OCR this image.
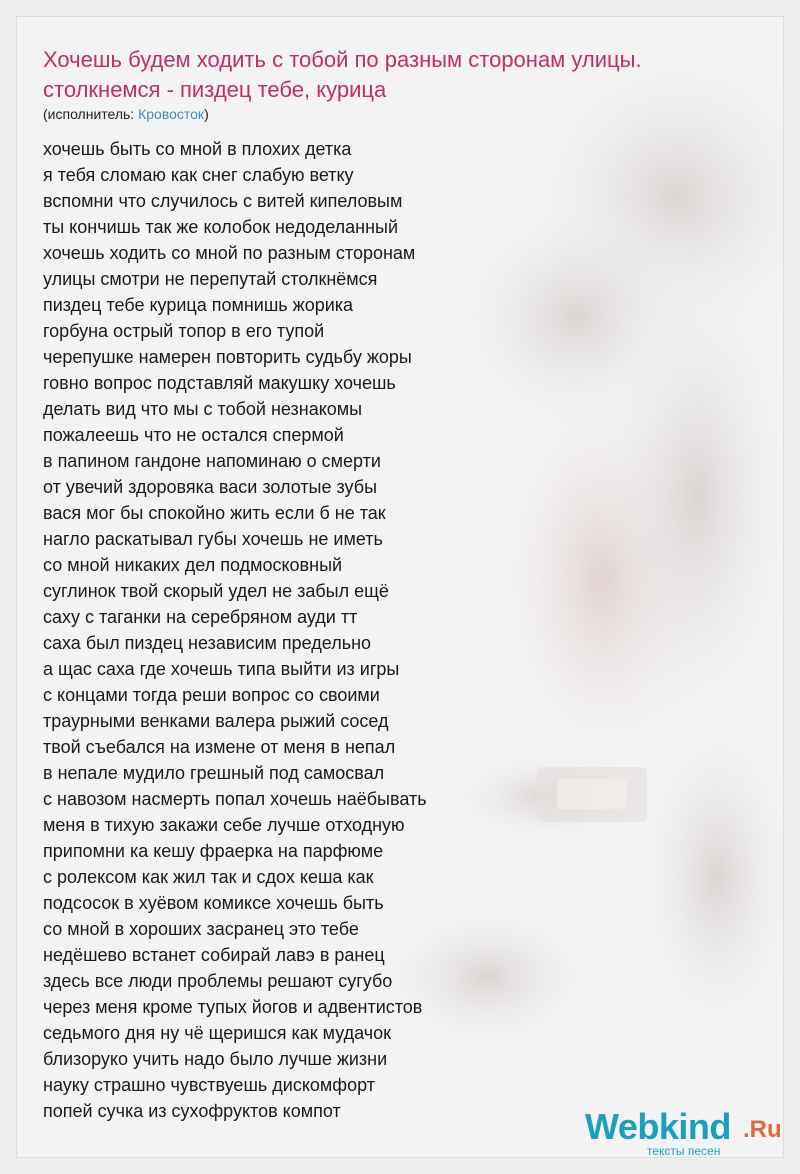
Хочешь будем ходить с тобой по разным сторонам улицы.
столкнемся - пиздец тебе, курица
(исполнитель: Кровосток)
хочешь быть со мной в плохих детка
я тебя сломаю как снег слабую ветку
вспомни что случилось с витей кипеловым
ты кончишь так же колобок недоделанный
хочешь ходить со мной по разным сторонам
улицы смотри не перепутай столкнёмся
пиздец тебе курица помнишь жорика
горбуна острый топор в его тупой
черепушке намерен повторить судьбу жоры
говно вопрос подставляй макушку хочешь
делать вид что мы с тобой незнакомы
пожалеешь что не остался спермой
в папином гандоне напоминаю о смерти
от увечий здоровяка васи золотые зубы
вася мог бы спокойно жить если б не так
нагло раскатывал губы хочешь не иметь
со мной никаких дел подмосковный
суглинок твой скорый удел не забыл ещё
саху с таганки на серебряном ауди тт
саха был пиздец независим предельно
а щас саха где хочешь типа выйти из игры
с концами тогда реши вопрос со своими
траурными венками валера рыжий сосед
твой съебался на измене от меня в непал
в непале мудило грешный под самосвал
с навозом насмерть попал хочешь наёбывать
меня в тихую закажи себе лучше отходную
припомни ка кешу фраерка на парфюме
с ролексом как жил так и сдох кеша как
подсосок в хуёвом комиксе хочешь быть
со мной в хороших засранец это тебе
недёшево встанет собирай лавэ в ранец
здесь все люди проблемы решают сугубо
через меня кроме тупых йогов и адвентистов
седьмого дня ну чё щеришся как мудачок
близоруко учить надо было лучше жизни
науку страшно чувствуешь дискомфорт
попей сучка из сухофруктов компот	Webkind .Ru
тексты песен
